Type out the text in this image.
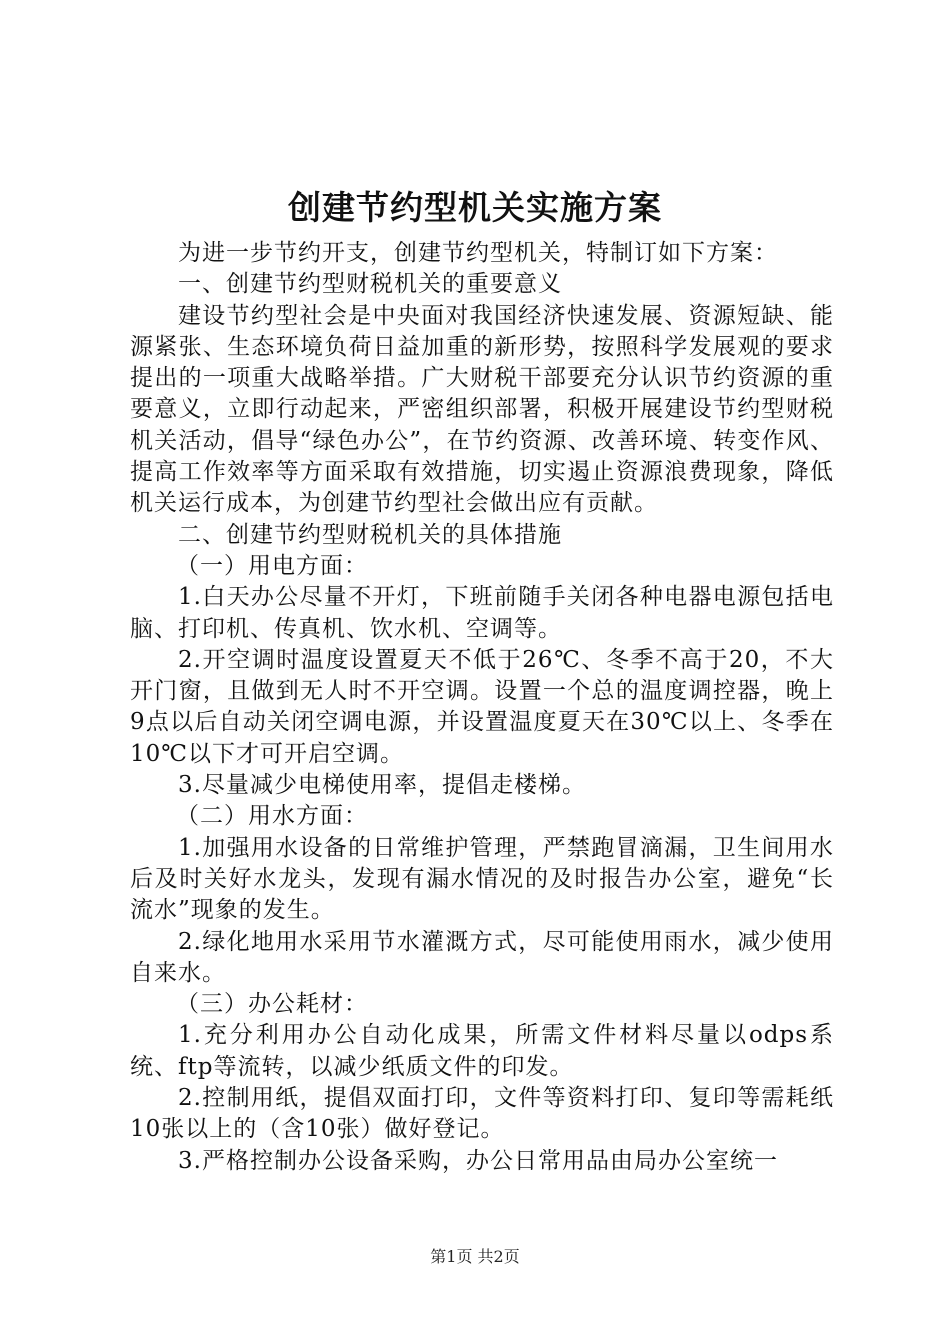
创建节约型机关实施方案

为进一步节约开支，创建节约型机关，特制订如下方案：

一、创建节约型财税机关的重要意义

建设节约型社会是中央面对我国经济快速发展、资源短缺、能源紧张、生态环境负荷日益加重的新形势，按照科学发展观的要求提出的一项重大战略举措。广大财税干部要充分认识节约资源的重要意义，立即行动起来，严密组织部署，积极开展建设节约型财税机关活动，倡导“绿色办公”，在节约资源、改善环境、转变作风、提高工作效率等方面采取有效措施，切实遏止资源浪费现象，降低机关运行成本，为创建节约型社会做出应有贡献。

二、创建节约型财税机关的具体措施

（一）用电方面：

1.白天办公尽量不开灯，下班前随手关闭各种电器电源包括电脑、打印机、传真机、饮水机、空调等。

2.开空调时温度设置夏天不低于26℃、冬季不高于20，不大开门窗，且做到无人时不开空调。设置一个总的温度调控器，晚上9点以后自动关闭空调电源，并设置温度夏天在30℃以上、冬季在10℃以下才可开启空调。

3.尽量减少电梯使用率，提倡走楼梯。

（二）用水方面：

1.加强用水设备的日常维护管理，严禁跑冒滴漏，卫生间用水后及时关好水龙头，发现有漏水情况的及时报告办公室，避免“长流水”现象的发生。

2.绿化地用水采用节水灌溉方式，尽可能使用雨水，减少使用自来水。

（三）办公耗材：

1.充分利用办公自动化成果，所需文件材料尽量以odps系统、ftp等流转，以减少纸质文件的印发。

2.控制用纸，提倡双面打印，文件等资料打印、复印等需耗纸10张以上的（含10张）做好登记。

3.严格控制办公设备采购，办公日常用品由局办公室统一

第1页 共2页
